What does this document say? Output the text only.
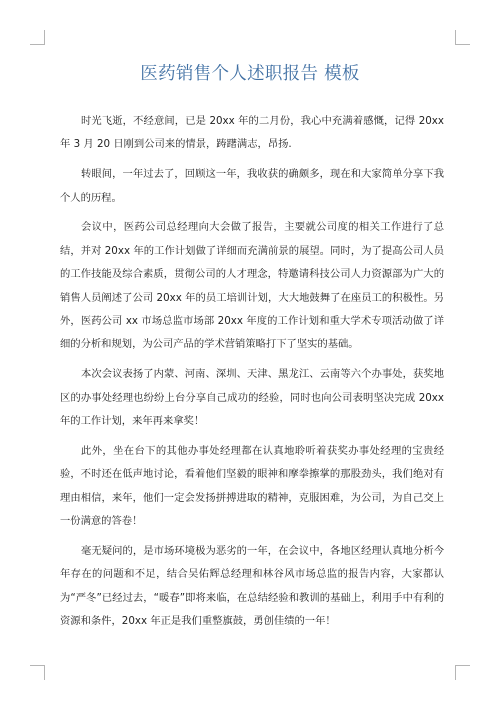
医药销售个人述职报告 模板

时光飞逝，不经意间，已是 20xx 年的二月份，我心中充满着感慨，记得 20xx 年 3 月 20 日刚到公司来的情景，踌躇满志，昂扬.

转眼间，一年过去了，回顾这一年，我收获的确颇多，现在和大家简单分享下我个人的历程。

会议中，医药公司总经理向大会做了报告，主要就公司度的相关工作进行了总结，并对 20xx 年的工作计划做了详细而充满前景的展望。同时，为了提高公司人员的工作技能及综合素质，贯彻公司的人才理念，特邀请科技公司人力资源部为广大的销售人员阐述了公司 20xx 年的员工培训计划，大大地鼓舞了在座员工的积极性。另外，医药公司 xx 市场总监市场部 20xx 年度的工作计划和重大学术专项活动做了详细的分析和规划，为公司产品的学术营销策略打下了坚实的基础。

本次会议表扬了内蒙、河南、深圳、天津、黑龙江、云南等六个办事处，获奖地区的办事处经理也纷纷上台分享自己成功的经验，同时也向公司表明坚决完成 20xx 年的工作计划，来年再来拿奖！

此外，坐在台下的其他办事处经理都在认真地聆听着获奖办事处经理的宝贵经验，不时还在低声地讨论，看着他们坚毅的眼神和摩拳擦掌的那股劲头，我们绝对有理由相信，来年，他们一定会发扬拼搏进取的精神，克服困难，为公司，为自己交上一份满意的答卷！

毫无疑问的，是市场环境极为恶劣的一年，在会议中，各地区经理认真地分析今年存在的问题和不足，结合吴佑辉总经理和林谷风市场总监的报告内容，大家都认为“严冬”已经过去，“暖春”即将来临，在总结经验和教训的基础上，利用手中有利的资源和条件，20xx 年正是我们重整旗鼓，勇创佳绩的一年！
